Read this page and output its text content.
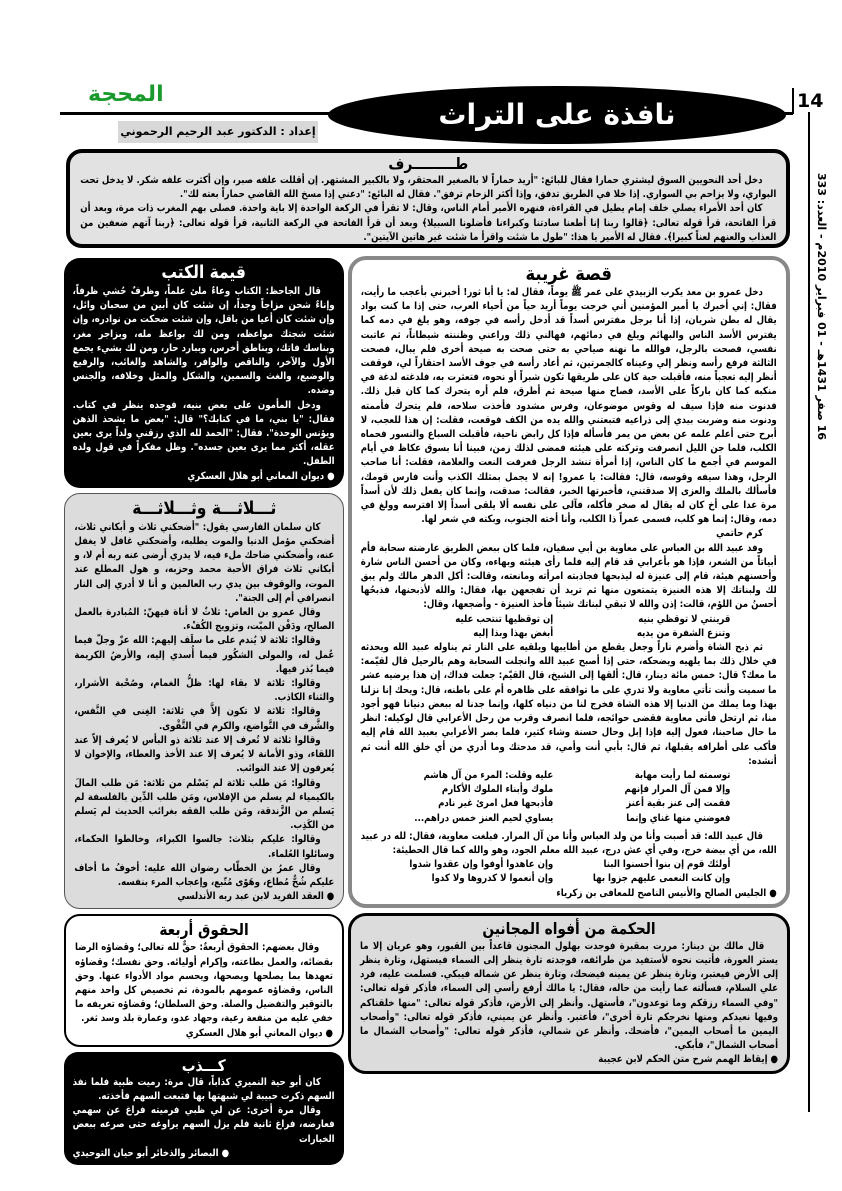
14
16 صفر 1431هـ - 01 فبراير 2010م - العدد: 333
نافذة على التراث
المحجة
إعداد : الدكتور عبد الرحيم الرحموني
طـــــــــرف

دخل أحد النحويين السوق ليشتري حمارا فقال للبائع: "أريد حماراً لا بالصغير المحتقر، ولا بالكبير المشتهر. إن أقللت علفه صبر، وإن أكثرت علفه شكر. لا يدخل تحت البواري، ولا يزاحم بي السواري. إذا خلا في الطريق تدفق، وإذا أكثر الزحام ترفق". فقال له البائع: "دعني إذا مسخ الله القاضي حماراً بعته لك".

كان أحد الأمراء يصلي خلف إمام يطيل في القراءة، فنهره الأمير أمام الناس، وقال: لا تقرأ في الركعة الواحدة إلا باية واحدة. فصلى بهم المغرب ذات مرة، وبعد أن قرأ الفاتحة، قرأ قوله تعالى: ﴿قالوا ربنا إنا أطعنا سادتنا وكبراءنا فأضلونا السبيلا﴾ وبعد أن قرأ الفاتحة في الركعة الثانية، قرأ قوله تعالى: ﴿ربنا آتهم ضعفين من العذاب والعنهم لعناً كبيرا﴾. فقال له الأمير يا هذا: "طول ما شئت واقرأ ما شئت غير هاتين الآيتين".

قيمة الكتب

قال الجاحظ: الكتاب وعاءٌ ملئ علماً، وظرفٌ حُشي ظرفاً، وإناءٌ شحن مزاجاً وجداً، إن شئت كان أبين من سحبان وائل، وإن شئت كان أعيا من باقل، وإن شئت ضحكت من نوادره، وإن شئت شجتك مواعظه، ومن لك بواعظ مله، وبزاجر مغر، وبناسك فاتك، وبناطق أخرس، وببارد حار، ومن لك بشيء يجمع الأول والآخر، والناقص والوافر، والشاهد والغائب، والرفيع والوضيع، والغث والسمين، والشكل والمثل وخلافه، والجنس وضده.

ودخل المأمون على بعض بنيه، فوجده ينظر في كتاب. فقال: "يا بني، ما في كتابك؟" قال: "بعض ما يشحذ الذهن ويؤنس الوحدة". فقال: "الحمد لله الذي رزقني ولداً يرى بعين عقله، أكثر مما يرى بعين جسده". وظل مفكراً في قول ولده الطفل.

● ديوان المعاني أبو هلال العسكري

ثـــلاثـــة وثـــلاثـــة

كان سلمان الفارسي يقول: "أضحكني ثلاث و أبكاني ثلاث، أضحكني مؤمل الدنيا والموت يطلبه، وأضحكني غافل لا يغفل عنه، وأضحكني ضاحك ملء فيه، لا يدري أرضى عنه ربه أم لا، و أبكاني ثلاث فراق الأحبة محمد وحزبه، و هول المطلع عند الموت، والوقوف بين يدي رب العالمين و أنا لا أدري إلى النار انصرافي أم إلى الجنة".

وقال عمرو بن العاص: ثلاثٌ لا أناة فيهنّ: المُبادرة بالعمل الصالح، ودَفْن الميّت، وتزويج الكُفْء.

وقالوا: ثلاثة لا يُندم على ما سلَف إليهم: الله عزّ وجلّ فيما عُمل له، والمولى الشكُور فيما أُسدي إليه، والأرضُ الكريمة فيما بُذر فيها.

وقالوا: ثلاثة لا بقاء لها: ظلُّ الغمام، وصُحْبة الأشرار، والثناء الكاذب.

وقالوا: ثلاثة لا تكون إلاَّ في ثلاثة: الغِنى في النَّفس، والشَّرف في التَّواضع، والكرم في التَّقْوى.

وقالوا ثلاثة لا تُعرف إلا عند ثلاثة ذو البأس لا يُعرف إلاّ عند اللقاء، وذو الأمانة لا يُعرف إلا عند الأخذ والعطاء، والإخوان لا يُعرفون إلا عند النوائب.

وقالوا: مَن طلب ثلاثة لم يَسْلم من ثلاثة: مَن طلب المالَ بالكيمياء لم يسلم من الإفلاس، ومَن طلب الدِّين بالفلسفة لم يَسلم من الزَّندقة، ومَن طلب الفقه بغرائب الحديث لم يَسلم من الكَذِب.

وقالوا: عليكم بثلاث: جالسوا الكبراء، وخالطوا الحكماء، وسائلوا العُلماء.

وقال عمرُ بن الخطّاب رضوان الله عليه: أخوفُ ما أخاف عليكم شُحٌّ مُطاع، وهَوًى مُتّبع، وإعجاب المرء بنفسه.

● العقد الفريد لابن عبد ربه الأندلسي

الحقوق أربعة

وقال بعضهم: الحقوق أربعةٌ: حقٌّ لله تعالى؛ وقضاؤه الرضا بقضائه، والعمل بطاعته، وإكرام أوليائه. وحق نفسك؛ وقضاؤه تعهدها بما يصلحها ويصحها، ويحسم مواد الأدواء عنها. وحق الناس، وقضاؤه عمومهم بالمودة، ثم تخصيص كل واحد منهم بالتوقير والتفضيل والصلة. وحق السلطان؛ وقضاؤه تعريفه ما خفي عليه من منفعة رعية، وجهاد عدو، وعمارة بلد وسد ثغر.

● ديوان المعاني أبو هلال العسكري

كـــذب

كان أبو حية النميري كذاباً، قال مرة: رميت ظبية فلما نفذ السهم ذكرت حبيبة لي شبهتها بها فتبعت السهم فأخذته.

وقال مرة أخرى: عن لي ظبي فرميته فراغ عن سهمي فعارضه، فراغ ثانية فلم يزل السهم يراوغه حتى صرعه ببعض الخبارات

● البصائر والذخائر أبو حيان التوحيدي

قصة غريبة

دخل عمرو بن معد يكرب الزبيدي على عمر ﷺ يوماً، فقال له: يا أبا ثور! أخبرني بأعجب ما رأيت، فقال: إني أخبرك يا أمير المؤمنين أني خرجت يوماً أريد حياً من أحياء العرب، حتى إذا ما كنت بواد يقال له بطن شريان، إذا أنا برجل مفترس أسداً قد أدخل رأسه في جوفه، وهو يلغ في دمه كما يفترس الأسد الناس والبهائم ويلغ في دمائهم، فهالني ذلك وراعني وظننته شيطاناً، ثم عاتبت نفسي، فصحت بالرجل، فوالله ما نهنه صياحي به حتى صحت به صيحة أخرى فلم يبال، فصحت الثالثة فرفع رأسه ونظر إلي وعيناه كالجمرتين، ثم أعاد رأسه في جوف الأسد احتقاراً لي، فوقفت أنظر إليه تعجباً منه، فأقبلت حية كان على طريقها تكون شبراً أو نحوه، فتعثرت به، فلدغته لدغة في منكبه كما كان باركاً على الأسد، فصاح منها صيحة ثم أطرق، فلم أره يتحرك كما كان قبل ذلك. فدنوت منه فإذا سيف له وقوس موضوعان، وفرس مشدود فأخذت سلاحه، فلم يتحرك فأممته ودنوت منه وضربت بيدي إلى ذراعيه فتبعتني والله يده من الكف فوقعت، فقلت: إن هذا للعجب، لا أبرح حتى أعلم علمه عن بعض من يمر فأسأله فإذا كل رابض ناحية، فأقبلت السباع والنسور فحماه الكلب، فلما جن الليل انصرفت وتركته على هيئته فمضى لذلك زمن، فبينا أنا بسوق عكاظ في أيام الموسم في أجمع ما كان الناس، إذا أمرأة تنشد الرجل فعرفت النعت والعلامة، فقلت: أنا صاحب الرجل، وهذا سيفه وقوسه، قال: فقالت: يا عمرو! إنه لا يجمل بمثلك الكذب وأنت فارس قومك، فأسألك بالملك والعزى إلا صدقتني، فأخبرتها الخبر، فقالت: صدقت، وإنما كان يفعل ذلك لأن أسداً مرة عدا على أخ كان له يقال له صخر فأكله، فآلى على نفسه ألا يلقى أسداً إلا افترسه وولغ في دمه، وقال: إنما هو كلب، فسمى عمراً ذا الكلب، وأنا أخته الجنوب، وبكته في شعر لها.

كرم حاتمي

وفد عبيد الله بن العباس على معاوية بن أبي سفيان، فلما كان ببعض الطريق عارضته سحابة فأم أبياتاً من الشعر، فإذا هو بأعرابي قد قام إليه فلما رأى هيئته وبهاءه، وكان من أحسن الناس شارة وأحسنهم هيئة، قام إلى عنيزة له ليذبحها فجاذبته امرأته ومانعته، وقالت: أكل الدهر مالك ولم يبق لك ولبناتك إلا هذه العنيزة يتمتعون منها ثم تريد أن تفجعهن بها، فقال: والله لأذبحنها، فذبحُها أحسنُ من اللؤم، قالت: إذن والله لا تبقي لبناتك شيئاً فأخذ العنيزة - وأضجعها، وقال:

قرينتي لا توقظي بنيه
إن توقظيها تنتحب عليه
وتنزع الشفرة من يديه
أبغض بهذا وبذا إليه

ثم ذبح الشاة وأضرم ناراً وجعل يقطع من أطايبها ويلقيه على النار ثم يناوله عبيد الله ويحدثه في خلال ذلك بما يلهيه ويضحكه، حتى إذا أصبح عبيد الله وانجلت السحابة وهم بالرحيل قال لقيّمه: ما معك؟ قال: خمس مائة دينار، قال: ألقها إلى الشيخ، قال القيّم: جعلت فداك، إن هذا يرضيه عشر ما سميت وأنت تأتي معاوية ولا تدري على ما توافقه على ظاهره أم على باطنه، قال: ويحك إنا نزلنا بهذا وما يملك من الدنيا إلا هذه الشاة فخرج لنا من دنياه كلها، وإنما جدنا له ببعض دنيانا فهو أجود منا، ثم ارتحل فأتى معاوية فقضى حوائجه، فلما انصرف وقرب من رحل الأعرابي قال لوكيله: انظر ما حال صاحبنا، فعول إليه فإذا إبل وحال حسنة وشاء كثير، فلما بصر الأعرابي بعبيد الله قام إليه فأكب على أطرافه يقبلها، ثم قال: بأبي أنت وأمي، قد مدحتك وما أدري من أي خلق الله أنت ثم أنشده:

توسمته لما رأيت مهابة
عليه وقلت: المرء من آل هاشم
وإلا فمن آل المرار فإنهم
ملوك وأبناء الملوك الأكارم
فقمت إلى عنز بقية أعنز
فأذبحها فعل امرئ غير نادم
فعوضني منها غناي وإنما
يساوي لحيم العنز خمس دراهم...

قال عبيد الله: قد أصبت وأنا من ولد العباس وأنا من آل المرار. فبلغت معاوية، فقال: لله در عبيد الله، من أي بيضة خرج، وفي أي عش درج، عبيد الله معلم الجود، وهو والله كما قال الحطيئة:

أولئك قوم إن بنوا أحسنوا البنا
وإن عاهدوا أوفوا وإن عقدوا شدوا
وإن كانت النعمى عليهم جزوا بها
وإن أنعموا لا كدروها ولا كدوا

● الجليس الصالح والأنيس الناصح للمعافى بن زكرياء

الحكمة من أفواه المجانين

قال مالك بن دينار: مررت بمقبرة فوجدت بهلول المجنون قاعداً بين القبور، وهو عريان إلا ما يستر العورة، فأتيت نحوه لأستفيد من طرائفه، فوجدته تارة ينظر إلى السماء فيستهل، وتارة ينظر إلى الأرض فيعتبر، وتارة ينظر عن يمينه فيضحك، وتارة ينظر عن شماله فيبكي. فسلمت عليه، فرد علي السلام، فسألته عما رأيت من حاله، فقال: يا مالك أرفع رأسي إلى السماء، فأذكر قوله تعالى: "وفي السماء رزقكم وما توعدون"، فأستهل. وأنظر إلى الأرض، فأذكر قوله تعالى: "منها خلقناكم وفيها نعيدكم ومنها نخرجكم تارة أخرى"، فأعتبر. وأنظر عن يميني، فأذكر قوله تعالى: "وأصحاب اليمين ما أصحاب اليمين"، فأضحك. وأنظر عن شمالي، فأذكر قوله تعالى: "وأصحاب الشمال ما أصحاب الشمال"، فأبكي.

● إيقاظ الهمم شرح متن الحكم لابن عجيبة
